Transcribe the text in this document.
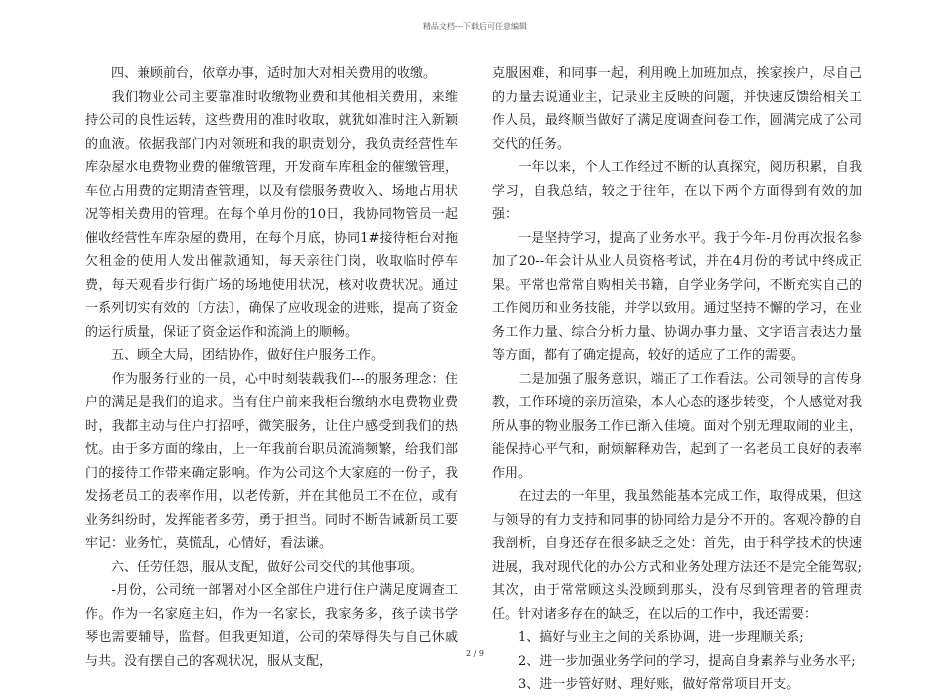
精品文档---下载后可任意编辑

　　四、兼顾前台，依章办事，适时加大对相关费用的收缴。

　　我们物业公司主要靠准时收缴物业费和其他相关费用，来维持公司的良性运转，这些费用的准时收取，就犹如准时注入新颖的血液。依据我部门内对领班和我的职责划分，我负责经营性车库杂屋水电费物业费的催缴管理，开发商车库租金的催缴管理，车位占用费的定期清查管理，以及有偿服务费收入、场地占用状况等相关费用的管理。在每个单月份的10日，我协同物管员一起催收经营性车库杂屋的费用，在每个月底，协同1#接待柜台对拖欠租金的使用人发出催款通知，每天亲往门岗，收取临时停车费，每天观看步行街广场的场地使用状况，核对收费状况。通过一系列切实有效的〔方法〕，确保了应收现金的进账，提高了资金的运行质量，保证了资金运作和流淌上的顺畅。

　　五、顾全大局，团结协作，做好住户服务工作。

　　作为服务行业的一员，心中时刻装载我们---的服务理念：住户的满足是我们的追求。当有住户前来我柜台缴纳水电费物业费时，我都主动与住户打招呼，微笑服务，让住户感受到我们的热忱。由于多方面的缘由，上一年我前台职员流淌频繁，给我们部门的接待工作带来确定影响。作为公司这个大家庭的一份子，我发扬老员工的表率作用，以老传新，并在其他员工不在位，或有业务纠纷时，发挥能者多劳，勇于担当。同时不断告诫新员工要牢记：业务忙，莫慌乱，心情好，看法谦。

　　六、任劳任怨，服从支配，做好公司交代的其他事项。

　　-月份，公司统一部署对小区全部住户进行住户满足度调查工作。作为一名家庭主妇，作为一名家长，我家务多，孩子读书学琴也需要辅导，监督。但我更知道，公司的荣辱得失与自己休戚与共。没有摆自己的客观状况，服从支配，

克服困难，和同事一起，利用晚上加班加点，挨家挨户，尽自己的力量去说通业主，记录业主反映的问题，并快速反馈给相关工作人员，最终顺当做好了满足度调查问卷工作，圆满完成了公司交代的任务。

　　一年以来，个人工作经过不断的认真探究，阅历积累，自我学习，自我总结，较之于往年，在以下两个方面得到有效的加强：

　　一是坚持学习，提高了业务水平。我于今年-月份再次报名参加了20--年会计从业人员资格考试，并在4月份的考试中终成正果。平常也常常自购相关书籍，自学业务学问，不断充实自己的工作阅历和业务技能，并学以致用。通过坚持不懈的学习，在业务工作力量、综合分析力量、协调办事力量、文字语言表达力量等方面，都有了确定提高，较好的适应了工作的需要。

　　二是加强了服务意识，端正了工作看法。公司领导的言传身教，工作环境的亲历渲染，本人心态的逐步转变，个人感觉对我所从事的物业服务工作已渐入佳境。面对个别无理取闹的业主，能保持心平气和，耐烦解释劝告，起到了一名老员工良好的表率作用。

　　在过去的一年里，我虽然能基本完成工作，取得成果，但这与领导的有力支持和同事的协同给力是分不开的。客观冷静的自我剖析，自身还存在很多缺乏之处：首先，由于科学技术的快速进展，我对现代化的办公方式和业务处理方法还不是完全能驾驭;其次，由于常常顾这头没顾到那头，没有尽到管理者的管理责任。针对诸多存在的缺乏，在以后的工作中，我还需要：

　　1、搞好与业主之间的关系协调，进一步理顺关系;

　　2、进一步加强业务学问的学习，提高自身素养与业务水平;

　　3、进一步管好财、理好账，做好常常项目开支。

2 / 9
